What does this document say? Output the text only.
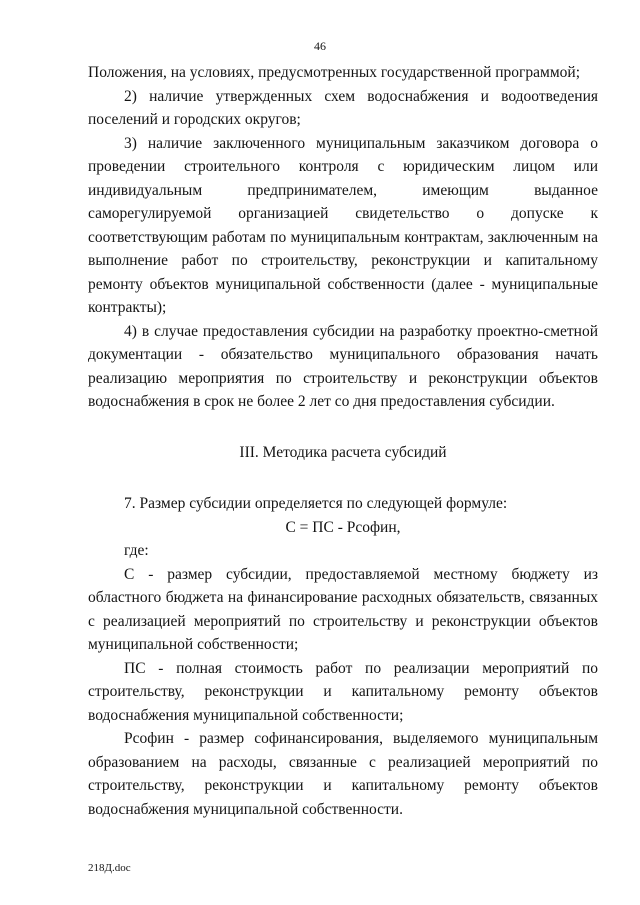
46

Положения, на условиях, предусмотренных государственной программой;

2) наличие утвержденных схем водоснабжения и водоотведения поселений и городских округов;

3) наличие заключенного муниципальным заказчиком договора о проведении строительного контроля с юридическим лицом или индивидуальным предпринимателем, имеющим выданное саморегулируемой организацией свидетельство о допуске к соответствующим работам по муниципальным контрактам, заключенным на выполнение работ по строительству, реконструкции и капитальному ремонту объектов муниципальной собственности (далее - муниципальные контракты);

4) в случае предоставления субсидии на разработку проектно-сметной документации - обязательство муниципального образования начать реализацию мероприятия по строительству и реконструкции объектов водоснабжения в срок не более 2 лет со дня предоставления субсидии.

III. Методика расчета субсидий

7. Размер субсидии определяется по следующей формуле:

С = ПС - Рсофин,

где:

С - размер субсидии, предоставляемой местному бюджету из областного бюджета на финансирование расходных обязательств, связанных с реализацией мероприятий по строительству и реконструкции объектов муниципальной собственности;

ПС - полная стоимость работ по реализации мероприятий по строительству, реконструкции и капитальному ремонту объектов водоснабжения муниципальной собственности;

Рсофин - размер софинансирования, выделяемого муниципальным образованием на расходы, связанные с реализацией мероприятий по строительству, реконструкции и капитальному ремонту объектов водоснабжения муниципальной собственности.

218Д.doc
